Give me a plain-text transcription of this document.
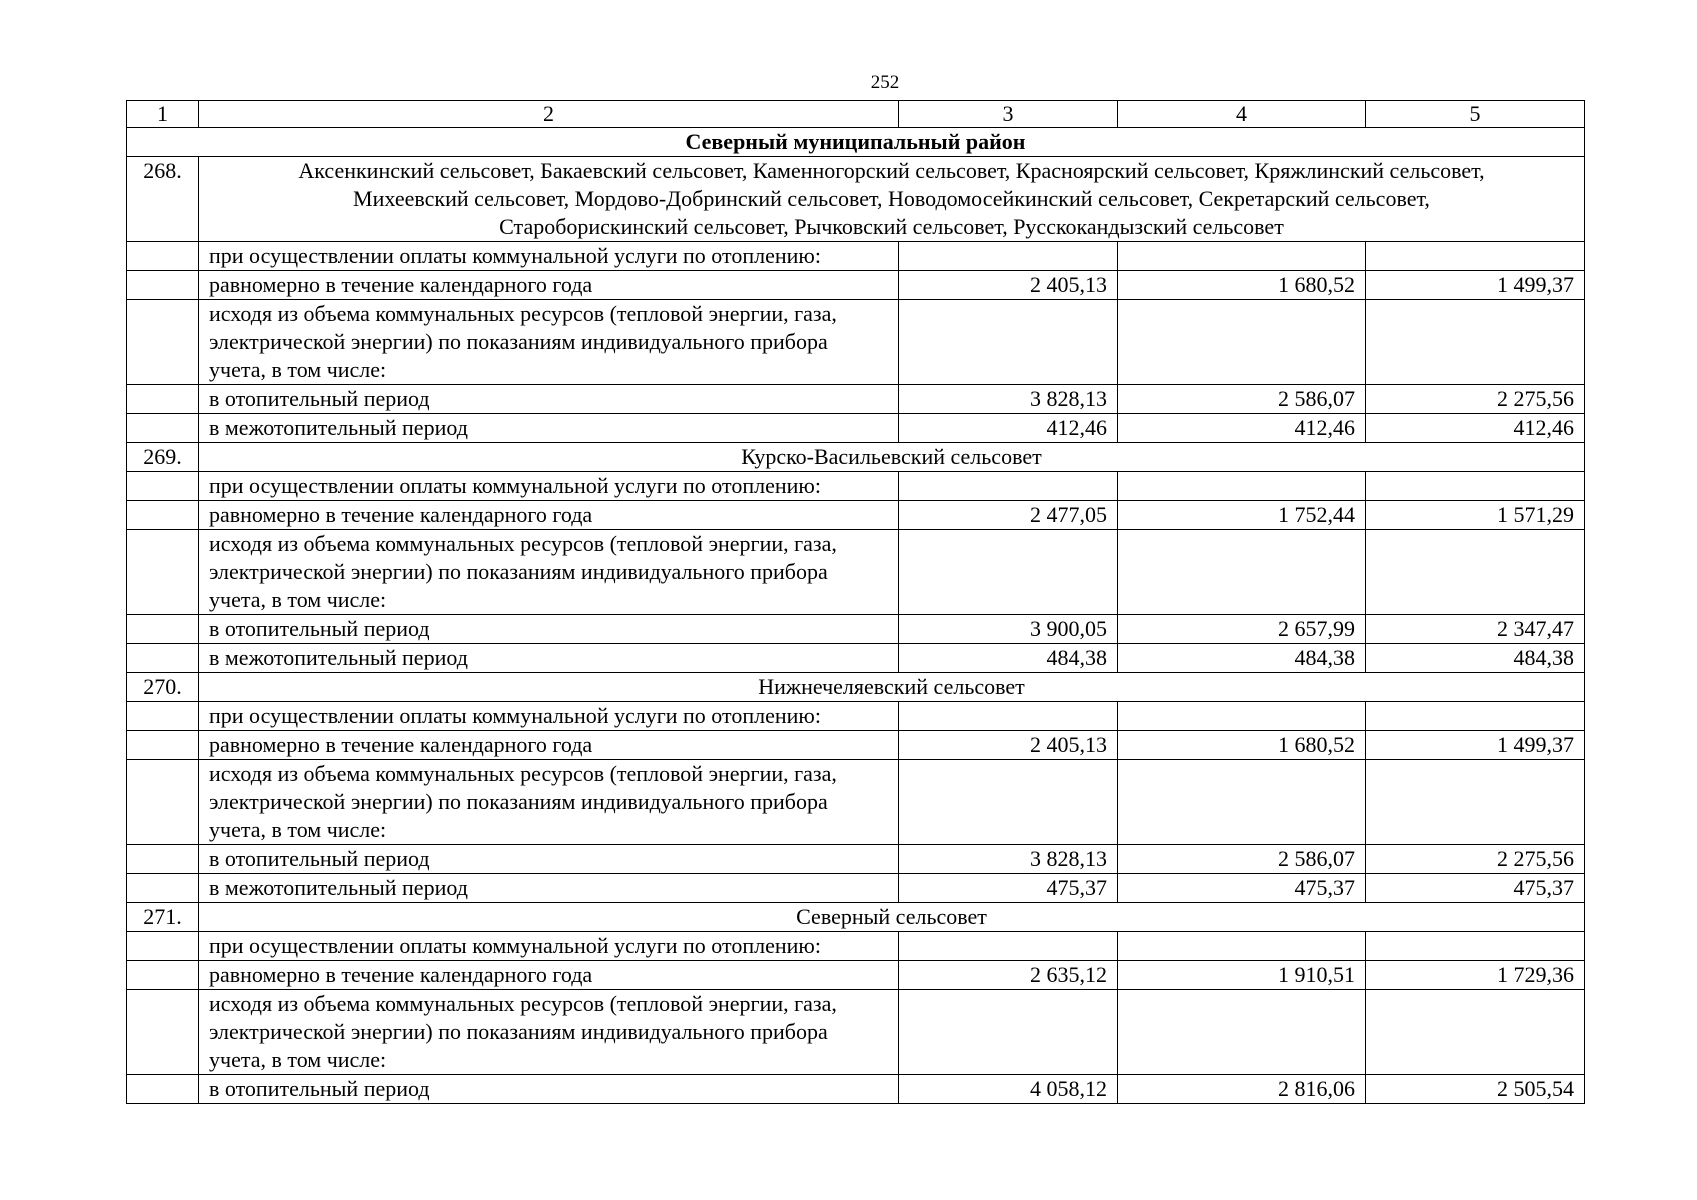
252
1	2	3	4	5
Северный муниципальный район				
268.	Аксенкинский сельсовет, Бакаевский сельсовет, Каменногорский сельсовет, Красноярский сельсовет, Кряжлинский сельсовет, Михеевский сельсовет, Мордово-Добринский сельсовет, Новодомосейкинский сельсовет, Секретарский сельсовет, Староборискинский сельсовет, Рычковский сельсовет, Русскокандызский сельсовет			
	при осуществлении оплаты коммунальной услуги по отоплению:			
	равномерно в течение календарного года	2 405,13	1 680,52	1 499,37
	исходя из объема коммунальных ресурсов (тепловой энергии, газа, электрической энергии) по показаниям индивидуального прибора учета, в том числе:			
	в отопительный период	3 828,13	2 586,07	2 275,56
	в межотопительный период	412,46	412,46	412,46
269.	Курско-Васильевский сельсовет			
	при осуществлении оплаты коммунальной услуги по отоплению:			
	равномерно в течение календарного года	2 477,05	1 752,44	1 571,29
	исходя из объема коммунальных ресурсов (тепловой энергии, газа, электрической энергии) по показаниям индивидуального прибора учета, в том числе:			
	в отопительный период	3 900,05	2 657,99	2 347,47
	в межотопительный период	484,38	484,38	484,38
270.	Нижнечеляевский сельсовет			
	при осуществлении оплаты коммунальной услуги по отоплению:			
	равномерно в течение календарного года	2 405,13	1 680,52	1 499,37
	исходя из объема коммунальных ресурсов (тепловой энергии, газа, электрической энергии) по показаниям индивидуального прибора учета, в том числе:			
	в отопительный период	3 828,13	2 586,07	2 275,56
	в межотопительный период	475,37	475,37	475,37
271.	Северный сельсовет			
	при осуществлении оплаты коммунальной услуги по отоплению:			
	равномерно в течение календарного года	2 635,12	1 910,51	1 729,36
	исходя из объема коммунальных ресурсов (тепловой энергии, газа, электрической энергии) по показаниям индивидуального прибора учета, в том числе:			
	в отопительный период	4 058,12	2 816,06	2 505,54
